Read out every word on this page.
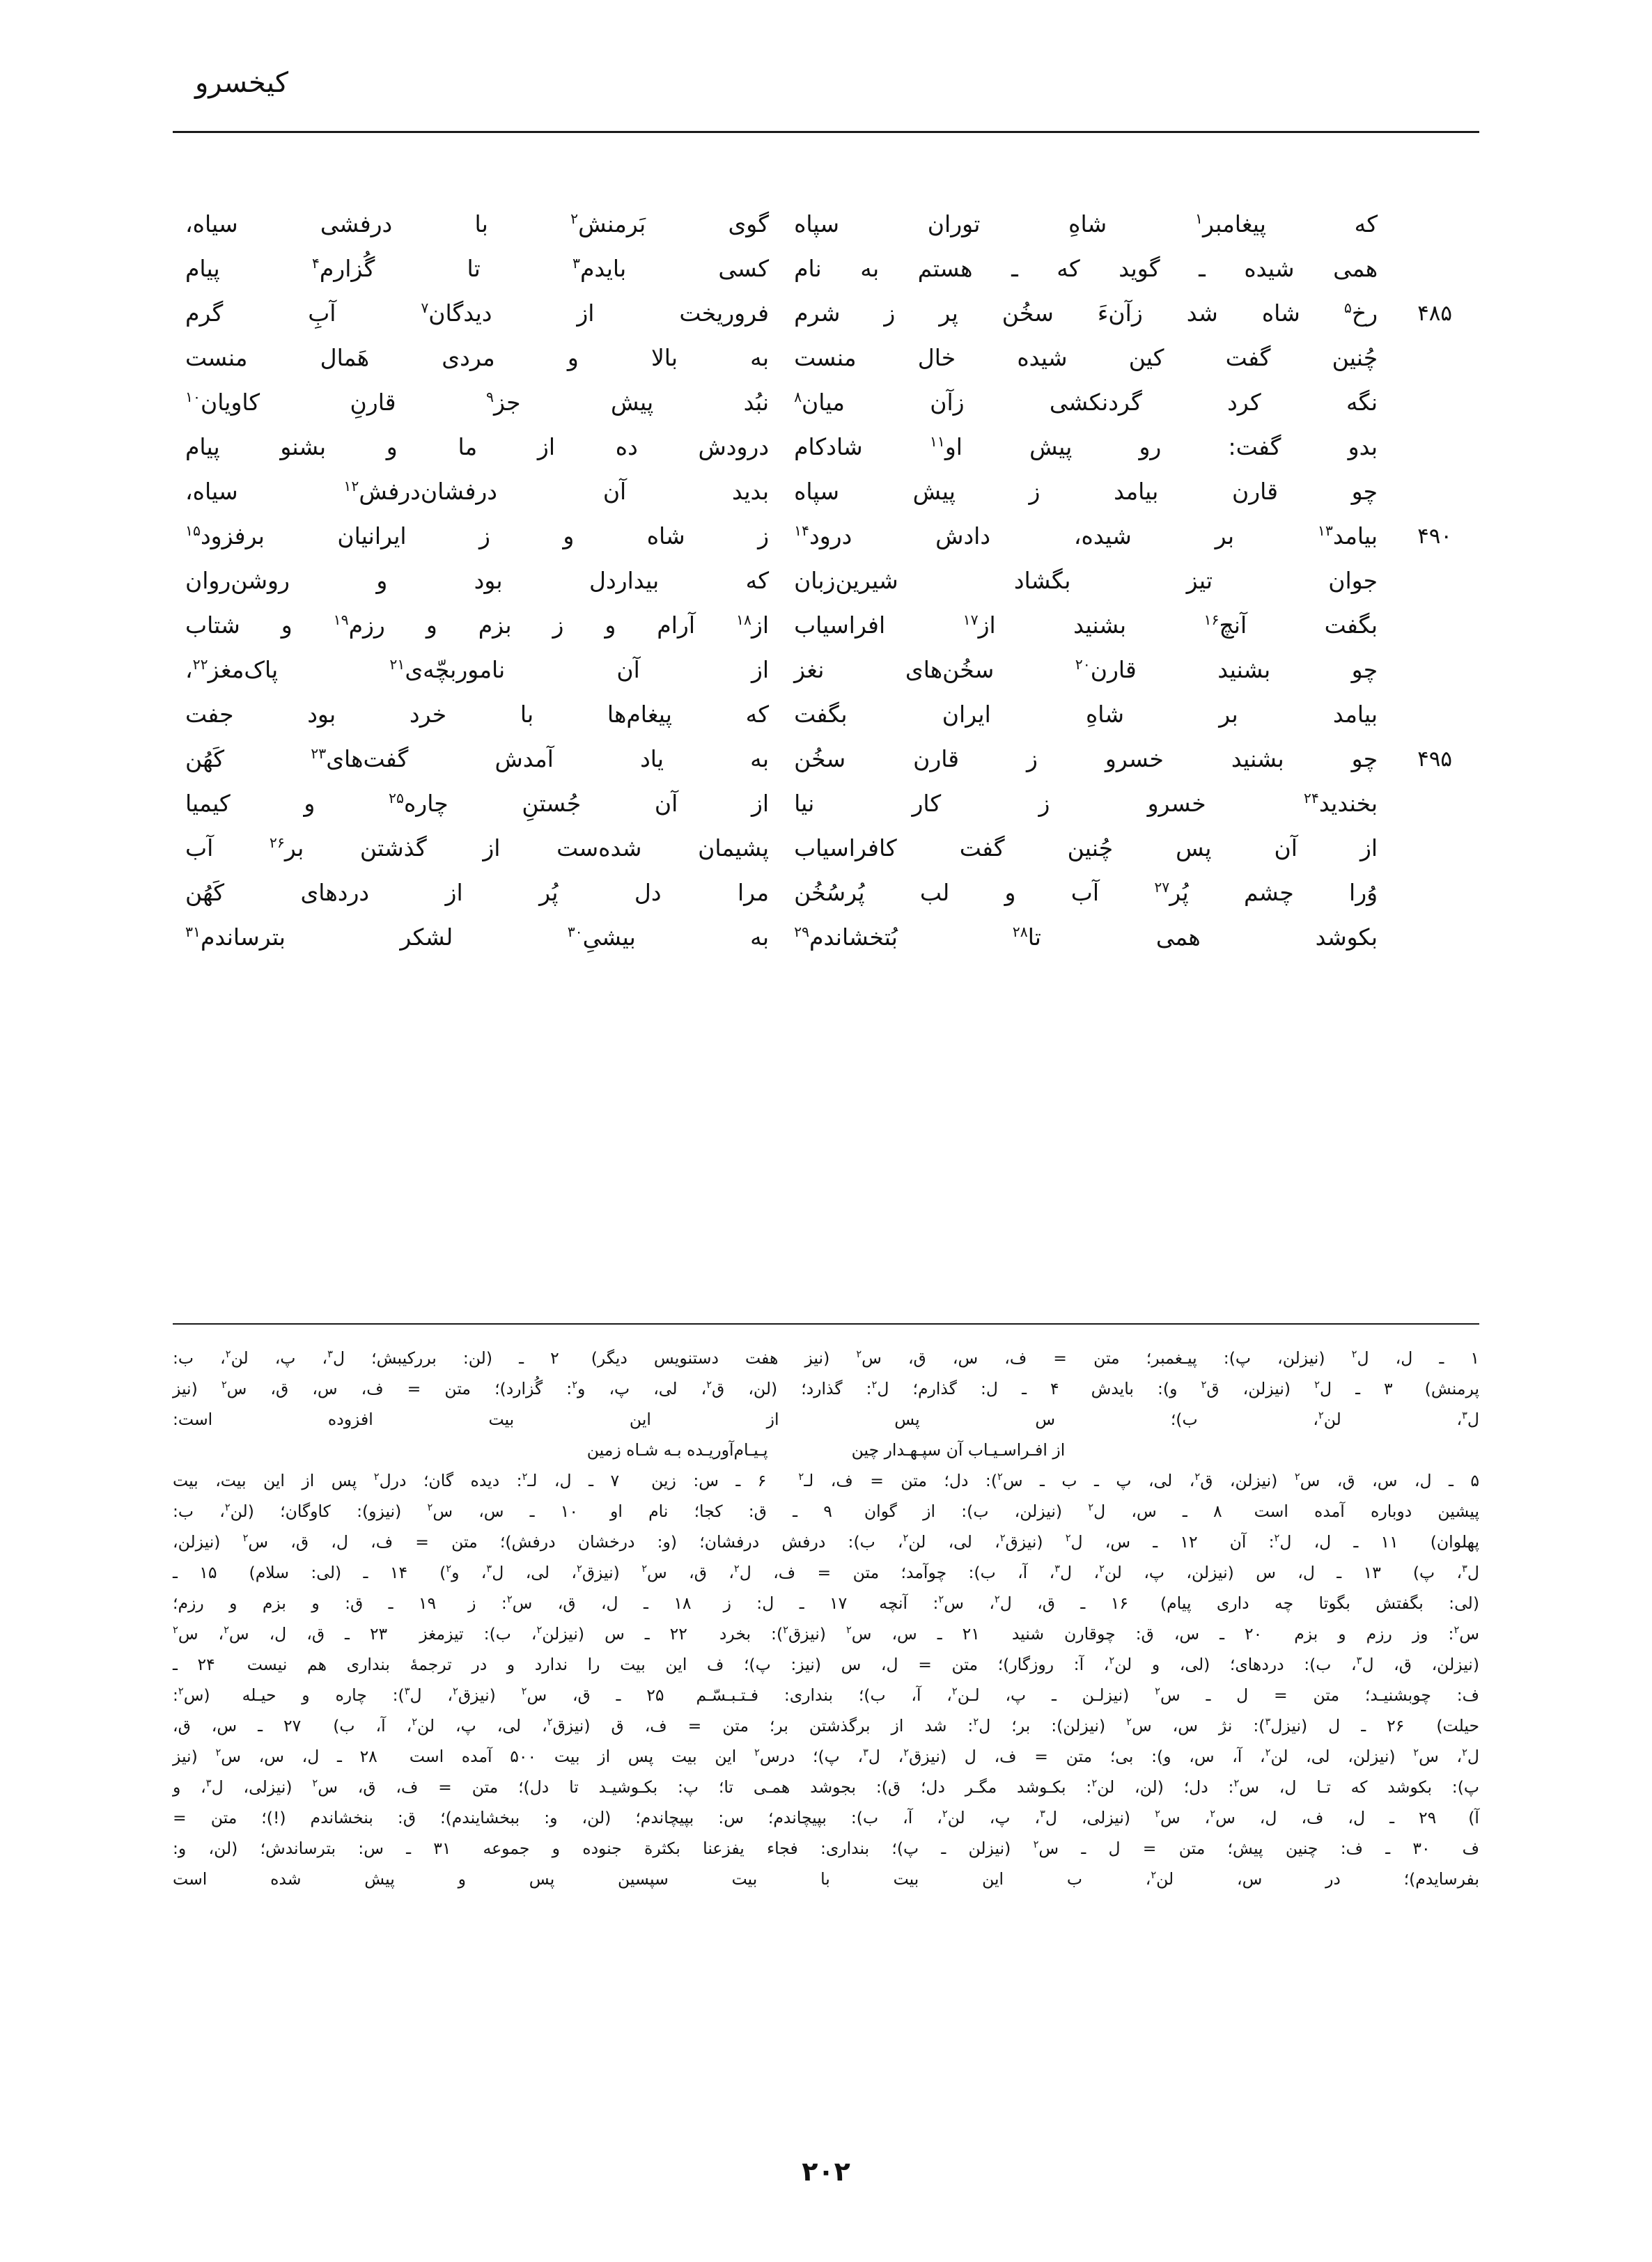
کیخسرو

	که پیغامبر$^۱$ شاهِ توران سپاه	گوی بَرمنش$^۲$ با درفشی سیاه،

	همی شیده ـ گوید که ـ هستم به نام	کسی بایدم$^۳$ تا گُزارم$^۴$ پیام

۴۸۵	رخ$^۵$ شاه شد زآن‌ءَ سخُن پر ز شرم	فروریخت از دیدگان$^۷$ آبِ گرم

	چُنین گفت کین شیده خال منست	به بالا و مردی هَمال منست

	نگه کرد گردنکشی زآن میان$^۸$	نبُد پیش جز$^۹$ قارنِ کاویان$^{۱۰}$

	بدو گفت: رو پیش او$^{۱۱}$ شادکام	درودش ده از ما و بشنو پیام

	چو قارن بیامد ز پیش سپاه	بدید آن درفشان‌درفش$^{۱۲}$ سیاه،

۴۹۰	بیامد$^{۱۳}$ بر شیده، دادش درود$^{۱۴}$	ز شاه و ز ایرانیان برفزود$^{۱۵}$

	جوان تیز بگشاد شیرین‌زبان	که بیداردل بود و روشن‌روان

	بگفت آنچ$^{۱۶}$ بشنید از$^{۱۷}$ افراسیاب	از$^{۱۸}$ آرام و ز بزم و رزم$^{۱۹}$ و شتاب

	چو بشنید قارن$^{۲۰}$ سخُن‌های نغز	از آن ناموربچّه‌ی$^{۲۱}$ پاک‌مغز$^{۲۲}$،

	بیامد بر شاهِ ایران بگفت	که پیغام‌ها با خرد بود جفت

۴۹۵	چو بشنید خسرو ز قارن سخُن	به یاد آمدش گفت‌های$^{۲۳}$ کَهُن

	بخندید$^{۲۴}$ خسرو ز کار نیا	از آن جُستنِ چاره$^{۲۵}$ و کیمیا

	از آن پس چُنین گفت کافراسیاب	پشیمان شده‌ست از گذشتن بر$^{۲۶}$ آب

	وُرا چشم پُر$^{۲۷}$ آب و لب پُرسُخُن	مرا دل پُر از دردهای کَهُن

	بکوشد همی تا$^{۲۸}$ بُتخشاندم$^{۲۹}$	به بیشیِ$^{۳۰}$ لشکر بترساندم$^{۳۱}$
۱ ـ ل، ل$^۲$ (نیزلن، پ): پیـغمبر؛ متن = ف، س، ق، س$^۲$ (نیز هفت دستنویس دیگر)۲ ـ (لن: بررکیبش؛ ل$^۳$، پ، لن$^۲$، ب:
پرمنش)۳ ـ ل$^۲$ (نیزلن، ق$^۲$ و): بایدش۴ ـ ل: گذارم؛ ل$^۲$: گذارد؛ (لن، ق$^۲$، لی، پ، و$^۲$: گُزارد)؛ متن = ف، س، ق، س$^۲$ (نیز
ل$^۳$، لن$^۲$، ب)؛ س پس از این بیت افزوده است:
از افـراسـیـاب آن سپـهـدار چینپـیـام‌آوریـده بـه شـاه زمین
۵ ـ ل، س، ق، س$^۲$ (نیزلن، ق$^۲$، لی، پ ـ ب ـ س$^۲$): دل؛ متن = ف، لـ$^۲$۶ ـ س: زین۷ ـ ل، لـ$^۲$: دیده گان؛ درل$^۲$ پس از این بیت، بیت
پیشین دوباره آمده است۸ ـ س، ل$^۲$ (نیزلن، ب): از گوان۹ ـ ق: کجا؛ نام او۱۰ ـ س، س$^۲$ (نیزو): کاوگان؛ (لن$^۲$، ب:
پهلوان)۱۱ ـ ل، ل$^۲$: آن۱۲ ـ س، ل$^۲$ (نیزق$^۲$، لی، لن$^۲$، ب): درفش درفشان؛ (و: درخشان درفش)؛ متن = ف، ل، ق، س$^۲$ (نیزلن،
ل$^۳$، پ)۱۳ ـ ل، س (نیزلن، پ، لن$^۲$، ل$^۳$، آ، ب): چوآمد؛ متن = ف، ل$^۲$، ق، س$^۲$ (نیزق$^۲$، لی، ل$^۳$، و$^۲$)۱۴ ـ (لی: سلام)۱۵ ـ
(لی: بگفتش بگوتا چه داری پیام)۱۶ ـ ق، ل$^۲$، س$^۲$: آنچه۱۷ ـ ل: ز۱۸ ـ ل، ق، س$^۲$: ز۱۹ ـ ق: و بزم و رزم؛
س$^۲$: وز رزم و بزم۲۰ ـ س، ق: چوقارن شنید۲۱ ـ س، س$^۲$ (نیزق$^۲$): بخرد۲۲ ـ س (نیزلن$^۲$، ب): تیزمغز۲۳ ـ ق، ل، س$^۲$، س$^۲$
(نیزلن، ق، ل$^۳$، ب): دردهای؛ (لی، و لن$^۲$، آ: روزگار)؛ متن = ل، س (نیز: پ)؛ ف این بیت را ندارد و در ترجمۀ بنداری هم نیست۲۴ ـ
ف: چوبشنیـد؛ متن = ل ـ س$^۲$ (نیزلـن ـ پ، لـن$^۲$، آ، ب)؛ بنداری: فـتـبـسّـم۲۵ ـ ق، س$^۲$ (نیزق$^۲$، ل$^۳$): چاره و حیـله(س$^۲$:
حیلت)۲۶ ـ ل (نیزل$^۳$): نژ س، س$^۲$ (نیزلن): بر؛ ل$^۲$: شد از برگذشتن بر؛ متن = ف، ق (نیزق$^۲$، لی، پ، لن$^۲$، آ، ب)۲۷ ـ س، ق،
ل$^۲$، س$^۲$ (نیزلن، لی، لن$^۲$، آ، س، و): بی؛ متن = ف، ل (نیزق$^۲$، ل$^۳$، پ)؛ درس$^۲$ این بیت پس از بیت ۵۰۰ آمده است۲۸ ـ ل، س، س$^۲$ (نیز
پ): بکوشد که تـا ل، س$^۲$: دل؛ (لن، لن$^۲$: بکـوشد مگـر دل؛ ق): بجوشد همـی تا؛ پ: بکـوشیـد تا دل)؛ متن = ف، ق، س$^۲$ (نیزلی، ل$^۳$، و
آ)۲۹ ـ ل، ف، ل، س$^۲$، س$^۲$ (نیزلی، ل$^۳$، پ، لن$^۲$، آ، ب): بپیچاندم؛ س: بپیچاندم؛ (لن، و: ببخشایندم)؛ ق: بنخشاندم (!)؛ متن =
ف۳۰ ـ ف: چنین پیش؛ متن = ل ـ س$^۲$ (نیزلن ـ پ)؛ بنداری: فجاء یفزعنا بکثرة جنوده و جموعه۳۱ ـ س: بترساندش؛ (لن، و:
بفرسایدم)؛ در س، لن$^۲$، ب این بیت با بیت سپسین پس و پیش شده است
۲۰۲
